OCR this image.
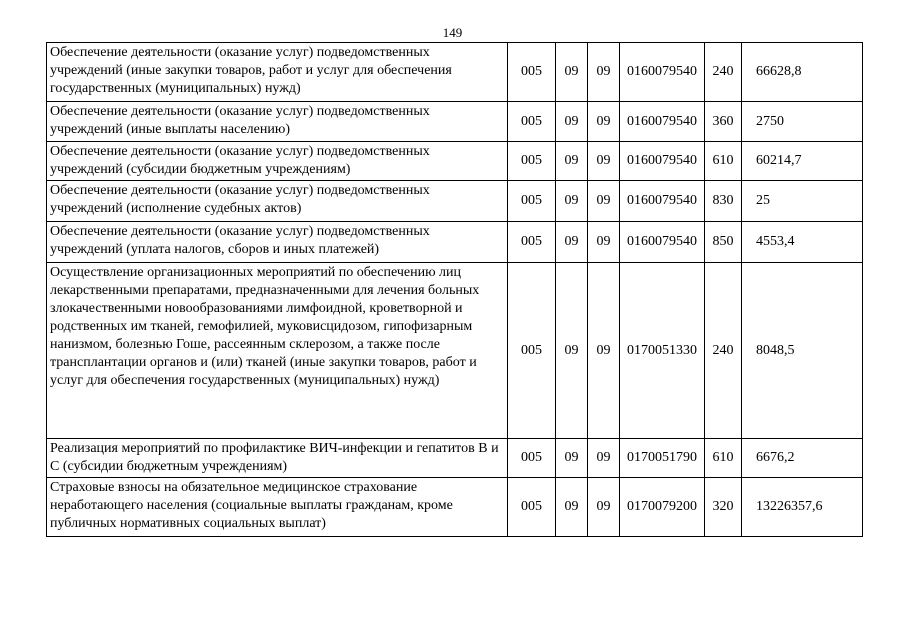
149
Обеспечение деятельности (оказание услуг) подведомственных учреждений (иные закупки товаров, работ и услуг для обеспечения государственных (муниципальных) нужд)	005	09	09	0160079540	240	66628,8
Обеспечение деятельности (оказание услуг) подведомственных учреждений (иные выплаты населению)	005	09	09	0160079540	360	2750
Обеспечение деятельности (оказание услуг) подведомственных учреждений (субсидии бюджетным учреждениям)	005	09	09	0160079540	610	60214,7
Обеспечение деятельности (оказание услуг) подведомственных учреждений (исполнение судебных актов)	005	09	09	0160079540	830	25
Обеспечение деятельности (оказание услуг) подведомственных учреждений (уплата налогов, сборов и иных платежей)	005	09	09	0160079540	850	4553,4
Осуществление организационных мероприятий по обеспечению лиц лекарственными препаратами, предназначенными для лечения больных злокачественными новообразованиями лимфоидной, кроветворной и родственных им тканей, гемофилией, муковисцидозом, гипофизарным нанизмом, болезнью Гоше, рассеянным склерозом, а также после трансплантации органов и (или) тканей (иные закупки товаров, работ и услуг для обеспечения государственных (муниципальных) нужд)	005	09	09	0170051330	240	8048,5
Реализация мероприятий по профилактике ВИЧ-инфекции и гепатитов В и С (субсидии бюджетным учреждениям)	005	09	09	0170051790	610	6676,2
Страховые взносы на обязательное медицинское страхование неработающего населения (социальные выплаты гражданам, кроме публичных нормативных социальных выплат)	005	09	09	0170079200	320	13226357,6
